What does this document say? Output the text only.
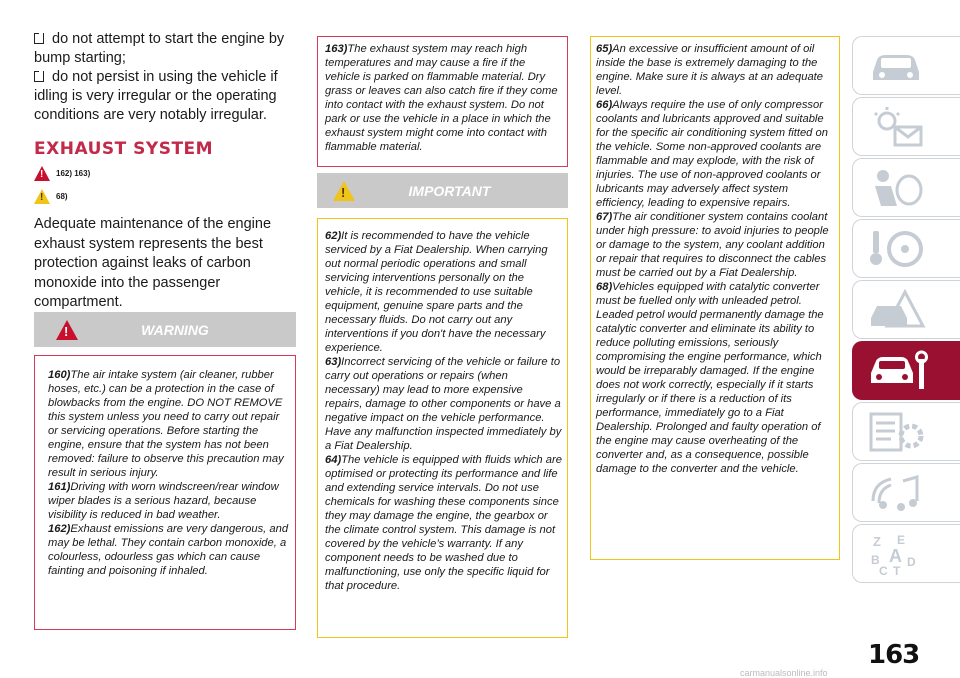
do not attempt to start the engine by bump starting;
do not persist in using the vehicle if idling is very irregular or the operating conditions are very notably irregular.
EXHAUST SYSTEM
! 162) 163)
! 68)

Adequate maintenance of the engine exhaust system represents the best protection against leaks of carbon monoxide into the passenger compartment.

!	WARNING

160)The air intake system (air cleaner, rubber hoses, etc.) can be a protection in the case of blowbacks from the engine. DO NOT REMOVE this system unless you need to carry out repair or servicing operations. Before starting the engine, ensure that the system has not been removed: failure to observe this precaution may result in serious injury.

161)Driving with worn windscreen/rear window wiper blades is a serious hazard, because visibility is reduced in bad weather.

162)Exhaust emissions are very dangerous, and may be lethal. They contain carbon monoxide, a colourless, odourless gas which can cause fainting and poisoning if inhaled.

163)The exhaust system may reach high temperatures and may cause a fire if the vehicle is parked on flammable material. Dry grass or leaves can also catch fire if they come into contact with the exhaust system. Do not park or use the vehicle in a place in which the exhaust system might come into contact with flammable material.

!	IMPORTANT

62)It is recommended to have the vehicle serviced by a Fiat Dealership. When carrying out normal periodic operations and small servicing interventions personally on the vehicle, it is recommended to use suitable equipment, genuine spare parts and the necessary fluids. Do not carry out any interventions if you don't have the necessary experience.

63)Incorrect servicing of the vehicle or failure to carry out operations or repairs (when necessary) may lead to more expensive repairs, damage to other components or have a negative impact on the vehicle performance. Have any malfunction inspected immediately by a Fiat Dealership.

64)The vehicle is equipped with fluids which are optimised or protecting its performance and life and extending service intervals. Do not use chemicals for washing these components since they may damage the engine, the gearbox or the climate control system. This damage is not covered by the vehicle’s warranty. If any component needs to be washed due to malfunctioning, use only the specific liquid for that procedure.

65)An excessive or insufficient amount of oil inside the base is extremely damaging to the engine. Make sure it is always at an adequate level.

66)Always require the use of only compressor coolants and lubricants approved and suitable for the specific air conditioning system fitted on the vehicle. Some non-approved coolants are flammable and may explode, with the risk of injuries. The use of non-approved coolants or lubricants may adversely affect system efficiency, leading to expensive repairs.

67)The air conditioner system contains coolant under high pressure: to avoid injuries to people or damage to the system, any coolant addition or repair that requires to disconnect the cables must be carried out by a Fiat Dealership.

68)Vehicles equipped with catalytic converter must be fuelled only with unleaded petrol. Leaded petrol would permanently damage the catalytic converter and eliminate its ability to reduce polluting emissions, seriously compromising the engine performance, which would be irreparably damaged. If the engine does not work correctly, especially if it starts irregularly or if there is a reduction of its performance, immediately go to a Fiat Dealership. Prolonged and faulty operation of the engine may cause overheating of the converter and, as a consequence, possible damage to the converter and the vehicle.

Z E
A
B D
C T
163
carmanualsonline.info
